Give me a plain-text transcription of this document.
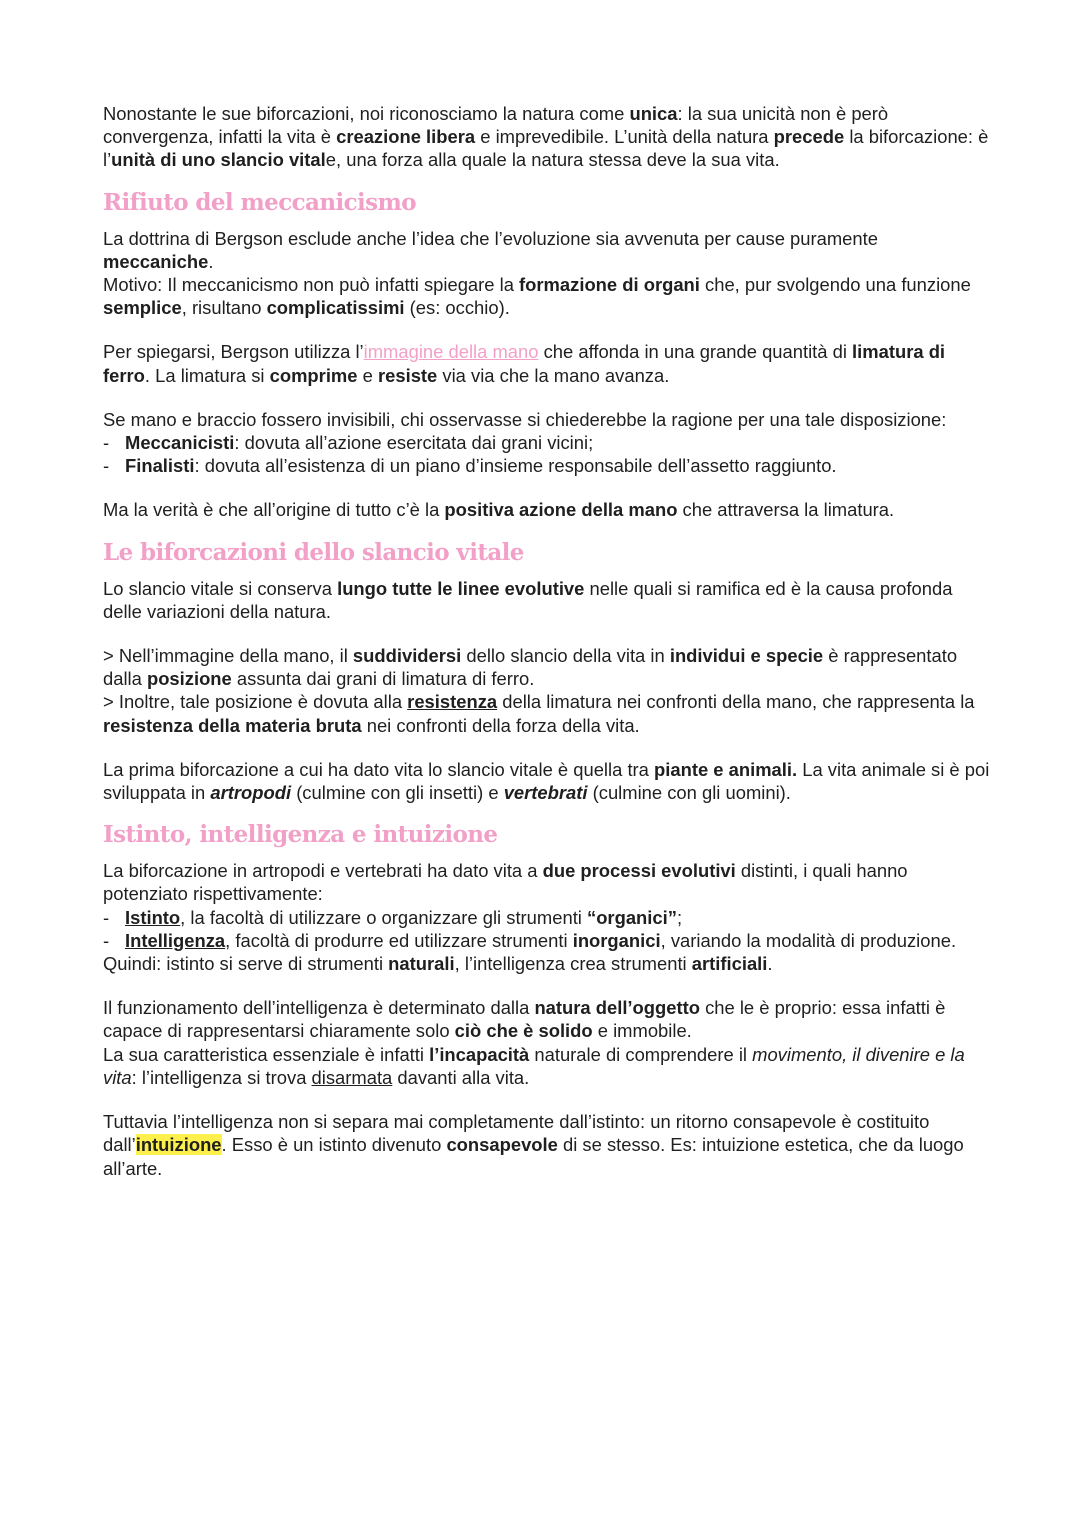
Nonostante le sue biforcazioni, noi riconosciamo la natura come unica: la sua unicità non è però convergenza, infatti la vita è creazione libera e imprevedibile. L’unità della natura precede la biforcazione: è l’unità di uno slancio vitale, una forza alla quale la natura stessa deve la sua vita.

Rifiuto del meccanicismo

La dottrina di Bergson esclude anche l’idea che l’evoluzione sia avvenuta per cause puramente meccaniche.

Motivo: Il meccanicismo non può infatti spiegare la formazione di organi che, pur svolgendo una funzione semplice, risultano complicatissimi (es: occhio).

Per spiegarsi, Bergson utilizza l’immagine della mano che affonda in una grande quantità di limatura di ferro. La limatura si comprime e resiste via via che la mano avanza.

Se mano e braccio fossero invisibili, chi osservasse si chiederebbe la ragione per una tale disposizione:

- Meccanicisti: dovuta all’azione esercitata dai grani vicini;
- Finalisti: dovuta all’esistenza di un piano d’insieme responsabile dell’assetto raggiunto.

Ma la verità è che all’origine di tutto c’è la positiva azione della mano che attraversa la limatura.

Le biforcazioni dello slancio vitale

Lo slancio vitale si conserva lungo tutte le linee evolutive nelle quali si ramifica ed è la causa profonda delle variazioni della natura.

> Nell’immagine della mano, il suddividersi dello slancio della vita in individui e specie è rappresentato dalla posizione assunta dai grani di limatura di ferro.

> Inoltre, tale posizione è dovuta alla resistenza della limatura nei confronti della mano, che rappresenta la resistenza della materia bruta nei confronti della forza della vita.

La prima biforcazione a cui ha dato vita lo slancio vitale è quella tra piante e animali. La vita animale si è poi sviluppata in artropodi (culmine con gli insetti) e vertebrati (culmine con gli uomini).

Istinto, intelligenza e intuizione

La biforcazione in artropodi e vertebrati ha dato vita a due processi evolutivi distinti, i quali hanno potenziato rispettivamente:

- Istinto, la facoltà di utilizzare o organizzare gli strumenti “organici”;
- Intelligenza, facoltà di produrre ed utilizzare strumenti inorganici, variando la modalità di produzione.

Quindi: istinto si serve di strumenti naturali, l’intelligenza crea strumenti artificiali.

Il funzionamento dell’intelligenza è determinato dalla natura dell’oggetto che le è proprio: essa infatti è capace di rappresentarsi chiaramente solo ciò che è solido e immobile.

La sua caratteristica essenziale è infatti l’incapacità naturale di comprendere il movimento, il divenire e la vita: l’intelligenza si trova disarmata davanti alla vita.

Tuttavia l’intelligenza non si separa mai completamente dall’istinto: un ritorno consapevole è costituito dall’intuizione. Esso è un istinto divenuto consapevole di se stesso. Es: intuizione estetica, che da luogo all’arte.
